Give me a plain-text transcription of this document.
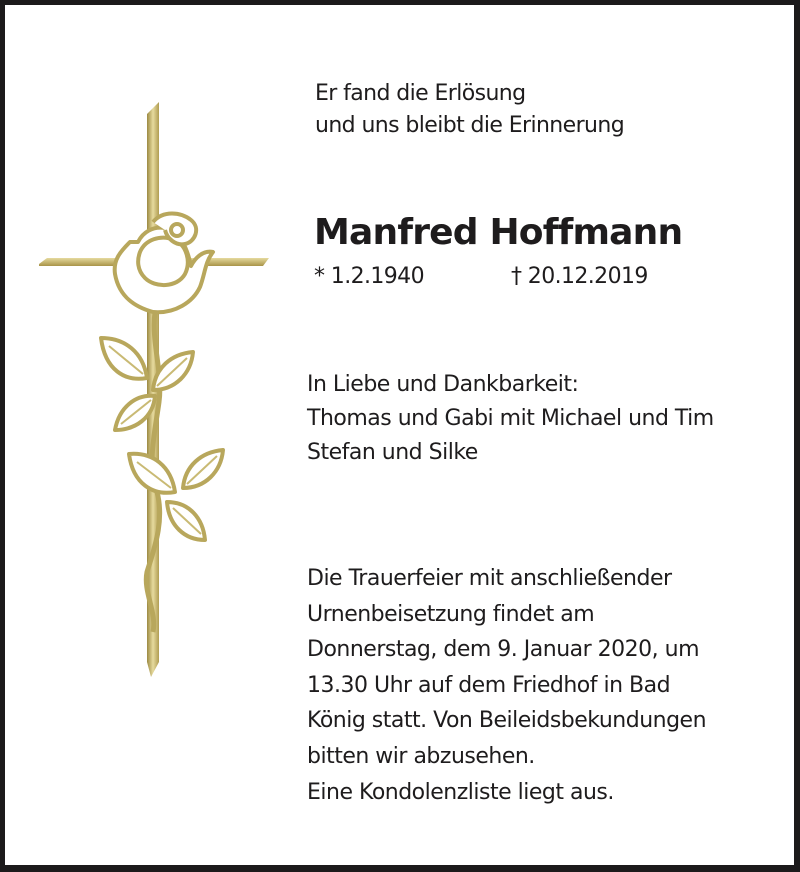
Er fand die Erlösung
und uns bleibt die Erinnerung
Manfred Hoffmann
* 1.2.1940	† 20.12.2019
In Liebe und Dankbarkeit:
Thomas und Gabi mit Michael und Tim
Stefan und Silke
Die Trauerfeier mit anschließender
Urnenbeisetzung findet am
Donnerstag, dem 9. Januar 2020, um
13.30 Uhr auf dem Friedhof in Bad
König statt. Von Beileidsbekundungen
bitten wir abzusehen.
Eine Kondolenzliste liegt aus.
